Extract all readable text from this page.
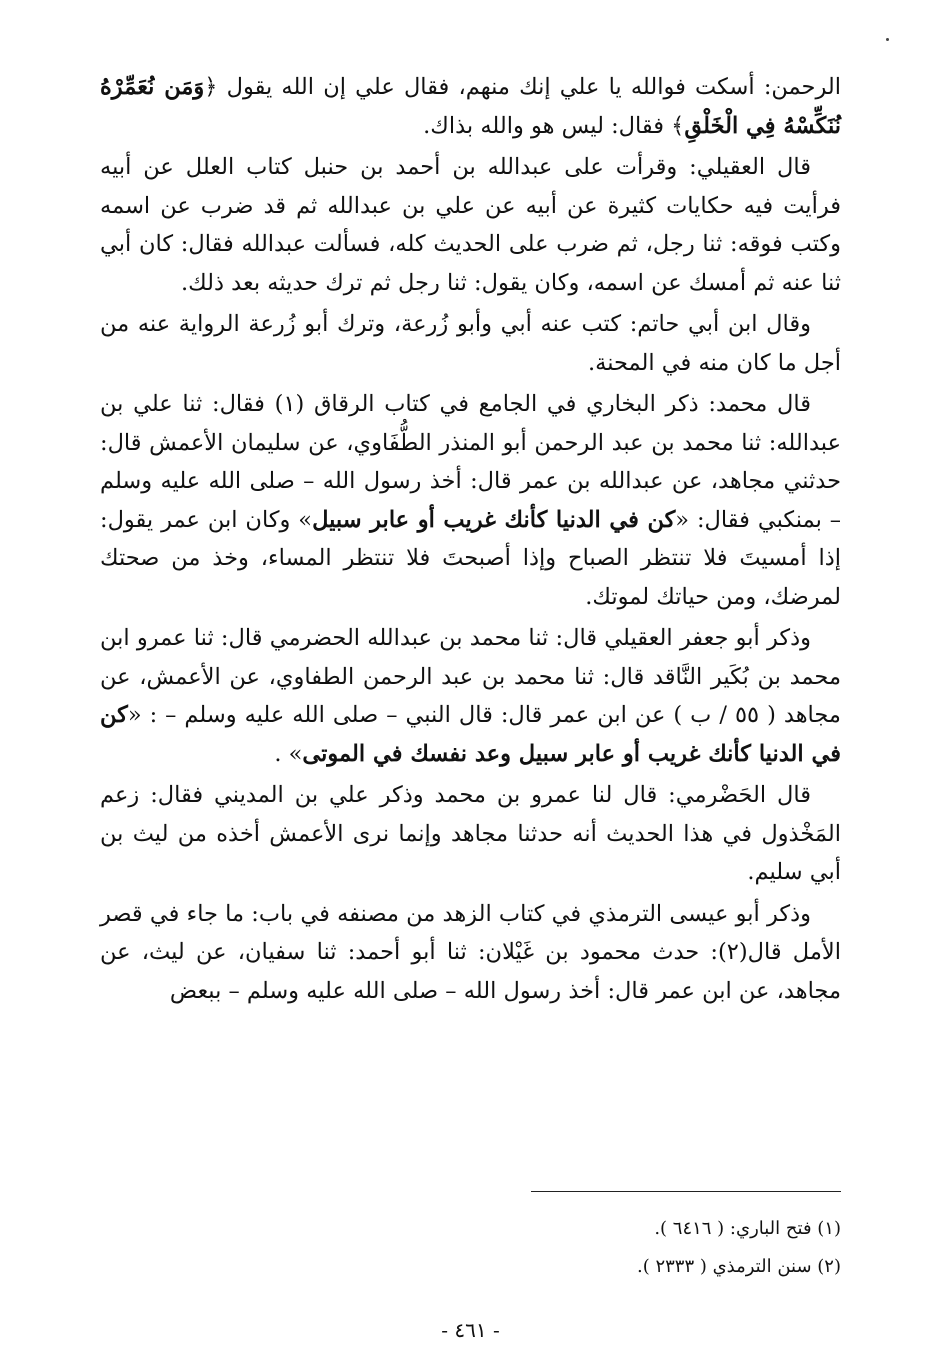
الرحمن: أسكت فوالله يا علي إنك منهم، فقال علي إن الله يقول ﴿وَمَن نُعَمِّرْهُ نُنَكِّسْهُ فِي الْخَلْقِ﴾ فقال: ليس هو والله بذاك.

قال العقيلي: وقرأت على عبدالله بن أحمد بن حنبل كتاب العلل عن أبيه فرأيت فيه حكايات كثيرة عن أبيه عن علي بن عبدالله ثم قد ضرب عن اسمه وكتب فوقه: ثنا رجل، ثم ضرب على الحديث كله، فسألت عبدالله فقال: كان أبي ثنا عنه ثم أمسك عن اسمه، وكان يقول: ثنا رجل ثم ترك حديثه بعد ذلك.

وقال ابن أبي حاتم: كتب عنه أبي وأبو زُرعة، وترك أبو زُرعة الرواية عنه من أجل ما كان منه في المحنة.

قال محمد: ذكر البخاري في الجامع في كتاب الرقاق (١) فقال: ثنا علي بن عبدالله: ثنا محمد بن عبد الرحمن أبو المنذر الطُّفَاوي، عن سليمان الأعمش قال: حدثني مجاهد، عن عبدالله بن عمر قال: أخذ رسول الله – صلى الله عليه وسلم – بمنكبي فقال: «كن في الدنيا كأنك غريب أو عابر سبيل» وكان ابن عمر يقول: إذا أمسيتَ فلا تنتظر الصباح وإذا أصبحتَ فلا تنتظر المساء، وخذ من صحتك لمرضك، ومن حياتك لموتك.

وذكر أبو جعفر العقيلي قال: ثنا محمد بن عبدالله الحضرمي قال: ثنا عمرو ابن محمد بن بُكَير النَّاقد قال: ثنا محمد بن عبد الرحمن الطفاوي، عن الأعمش، عن مجاهد ( ٥٥ / ب ) عن ابن عمر قال: قال النبي – صلى الله عليه وسلم – : «كن في الدنيا كأنك غريب أو عابر سبيل وعد نفسك في الموتى» .

قال الحَضْرمي: قال لنا عمرو بن محمد وذكر علي بن المديني فقال: زعم المَخْذول في هذا الحديث أنه حدثنا مجاهد وإنما نرى الأعمش أخذه من ليث بن أبي سليم.

وذكر أبو عيسى الترمذي في كتاب الزهد من مصنفه في باب: ما جاء في قصر الأمل قال(٢): حدث محمود بن غَيْلان: ثنا أبو أحمد: ثنا سفيان، عن ليث، عن مجاهد، عن ابن عمر قال: أخذ رسول الله – صلى الله عليه وسلم – ببعض

(١) فتح الباري: ( ٦٤١٦ ).
(٢) سنن الترمذي ( ٢٣٣٣ ).
- ٤٦١ -
